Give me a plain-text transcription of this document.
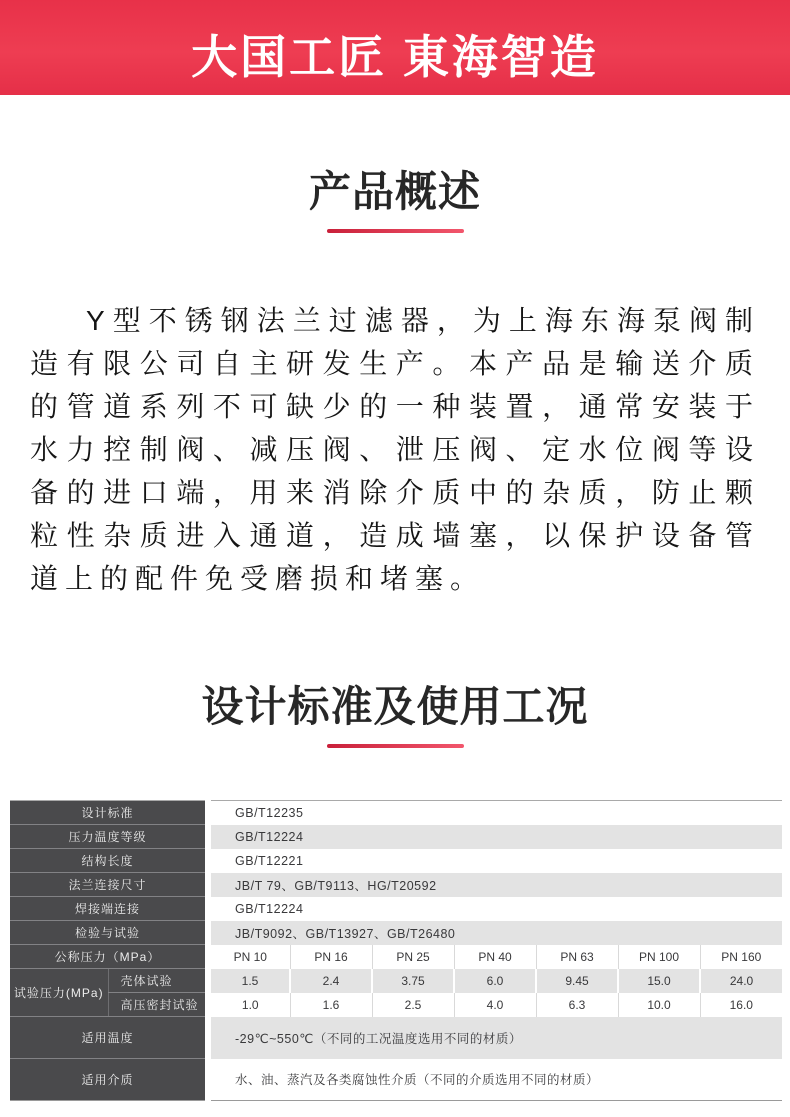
大国工匠 東海智造
产品概述

Y型不锈钢法兰过滤器，为上海东海泵阀制造有限公司自主研发生产。本产品是输送介质的管道系列不可缺少的一种装置，通常安装于水力控制阀、减压阀、泄压阀、定水位阀等设备的进口端，用来消除介质中的杂质，防止颗粒性杂质进入通道，造成墙塞，以保护设备管道上的配件免受磨损和堵塞。

设计标准及使用工况
设计标准		GB/T12235						
压力温度等级		GB/T12224						
结构长度		GB/T12221						
法兰连接尺寸		JB/T 79、GB/T9113、HG/T20592						
焊接端连接		GB/T12224						
检验与试验		JB/T9092、GB/T13927、GB/T26480						
公称压力（MPa）		PN 10	PN 16	PN 25	PN 40	PN 63	PN 100	PN 160
试验压力(MPa)	壳体试验	1.5	2.4	3.75	6.0	9.45	15.0	24.0
	高压密封试验	1.0	1.6	2.5	4.0	6.3	10.0	16.0
适用温度		-29℃~550℃（不同的工况温度选用不同的材质）						
适用介质		水、油、蒸汽及各类腐蚀性介质（不同的介质选用不同的材质）						
